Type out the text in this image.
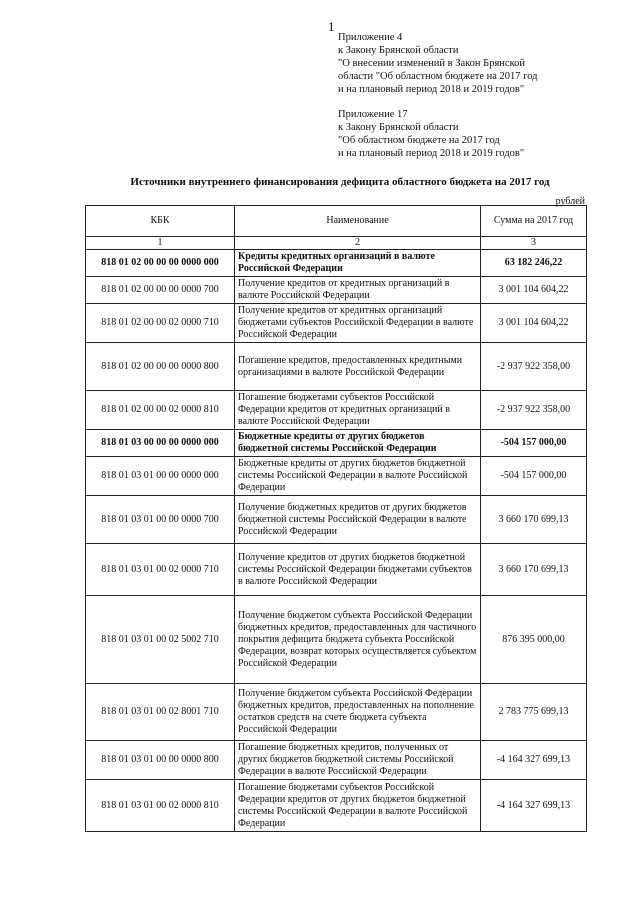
1
Приложение 4
к Закону Брянской области
"О внесении изменений в Закон Брянской
области "Об областном бюджете на 2017 год
и на плановый период 2018 и 2019 годов"
Приложение 17
к Закону Брянской области
"Об областном бюджете на 2017 год
и на плановый период 2018 и 2019 годов"
Источники внутреннего финансирования дефицита областного бюджета на 2017 год
рублей
КБК	Наименование	Сумма на 2017 год
1	2	3
818 01 02 00 00 00 0000 000	Кредиты кредитных организаций в валюте Российской Федерации	63 182 246,22
818 01 02 00 00 00 0000 700	Получение кредитов от кредитных организаций в валюте Российской Федерации	3 001 104 604,22
818 01 02 00 00 02 0000 710	Получение кредитов от кредитных организаций бюджетами субъектов Российской Федерации в валюте Российской Федерации	3 001 104 604,22
818 01 02 00 00 00 0000 800	Погашение кредитов, предоставленных кредитными организациями в валюте Российской Федерации	-2 937 922 358,00
818 01 02 00 00 02 0000 810	Погашение бюджетами субъектов Российской Федерации кредитов от кредитных организаций в валюте Российской Федерации	-2 937 922 358,00
818 01 03 00 00 00 0000 000	Бюджетные кредиты от других бюджетов бюджетной системы Российской Федерации	-504 157 000,00
818 01 03 01 00 00 0000 000	Бюджетные кредиты от других бюджетов бюджетной системы Российской Федерации в валюте Российской Федерации	-504 157 000,00
818 01 03 01 00 00 0000 700	Получение бюджетных кредитов от других бюджетов бюджетной системы Российской Федерации в валюте Российской Федерации	3 660 170 699,13
818 01 03 01 00 02 0000 710	Получение кредитов от других бюджетов бюджетной системы Российской Федерации бюджетами субъектов в валюте Российской Федерации	3 660 170 699,13
818 01 03 01 00 02 5002 710	Получение бюджетом субъекта Российской Федерации бюджетных кредитов, предоставленных для частичного покрытия дефицита бюджета субъекта Российской Федерации, возврат которых осуществляется субъектом Российской Федерации	876 395 000,00
818 01 03 01 00 02 8001 710	Получение бюджетом субъекта Российской Федерации бюджетных кредитов, предоставленных на пополнение остатков средств на счете бюджета субъекта Российской Федерации	2 783 775 699,13
818 01 03 01 00 00 0000 800	Погашение бюджетных кредитов, полученных от других бюджетов бюджетной системы Российской Федерации в валюте Российской Федерации	-4 164 327 699,13
818 01 03 01 00 02 0000 810	Погашение бюджетами субъектов Российской Федерации кредитов от других бюджетов бюджетной системы Российской Федерации в валюте Российской Федерации	-4 164 327 699,13
